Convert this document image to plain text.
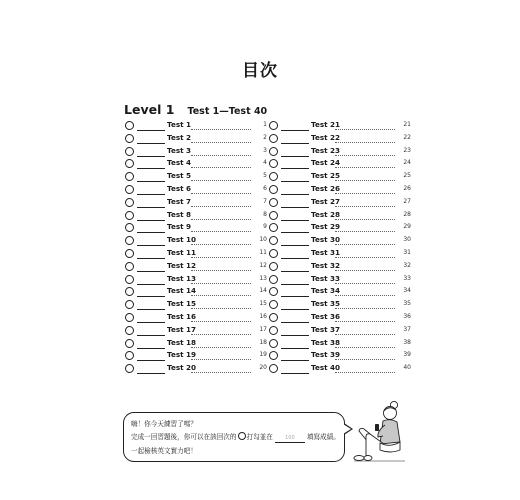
目次
Level 1 Test 1—Test 40
Test 1	1
Test 2	2
Test 3	3
Test 4	4
Test 5	5
Test 6	6
Test 7	7
Test 8	8
Test 9	9
Test 10	10
Test 11	11
Test 12	12
Test 13	13
Test 14	14
Test 15	15
Test 16	16
Test 17	17
Test 18	18
Test 19	19
Test 20	20
Test 21	21
Test 22	22
Test 23	23
Test 24	24
Test 25	25
Test 26	26
Test 27	27
Test 28	28
Test 29	29
Test 30	30
Test 31	31
Test 32	32
Test 33	33
Test 34	34
Test 35	35
Test 36	36
Test 37	37
Test 38	38
Test 39	39
Test 40	40
嗨！你今天練習了嗎？
完成一回習題後，你可以在該回次的 打勾並在 100 填寫成績。
一起檢核英文實力吧！
